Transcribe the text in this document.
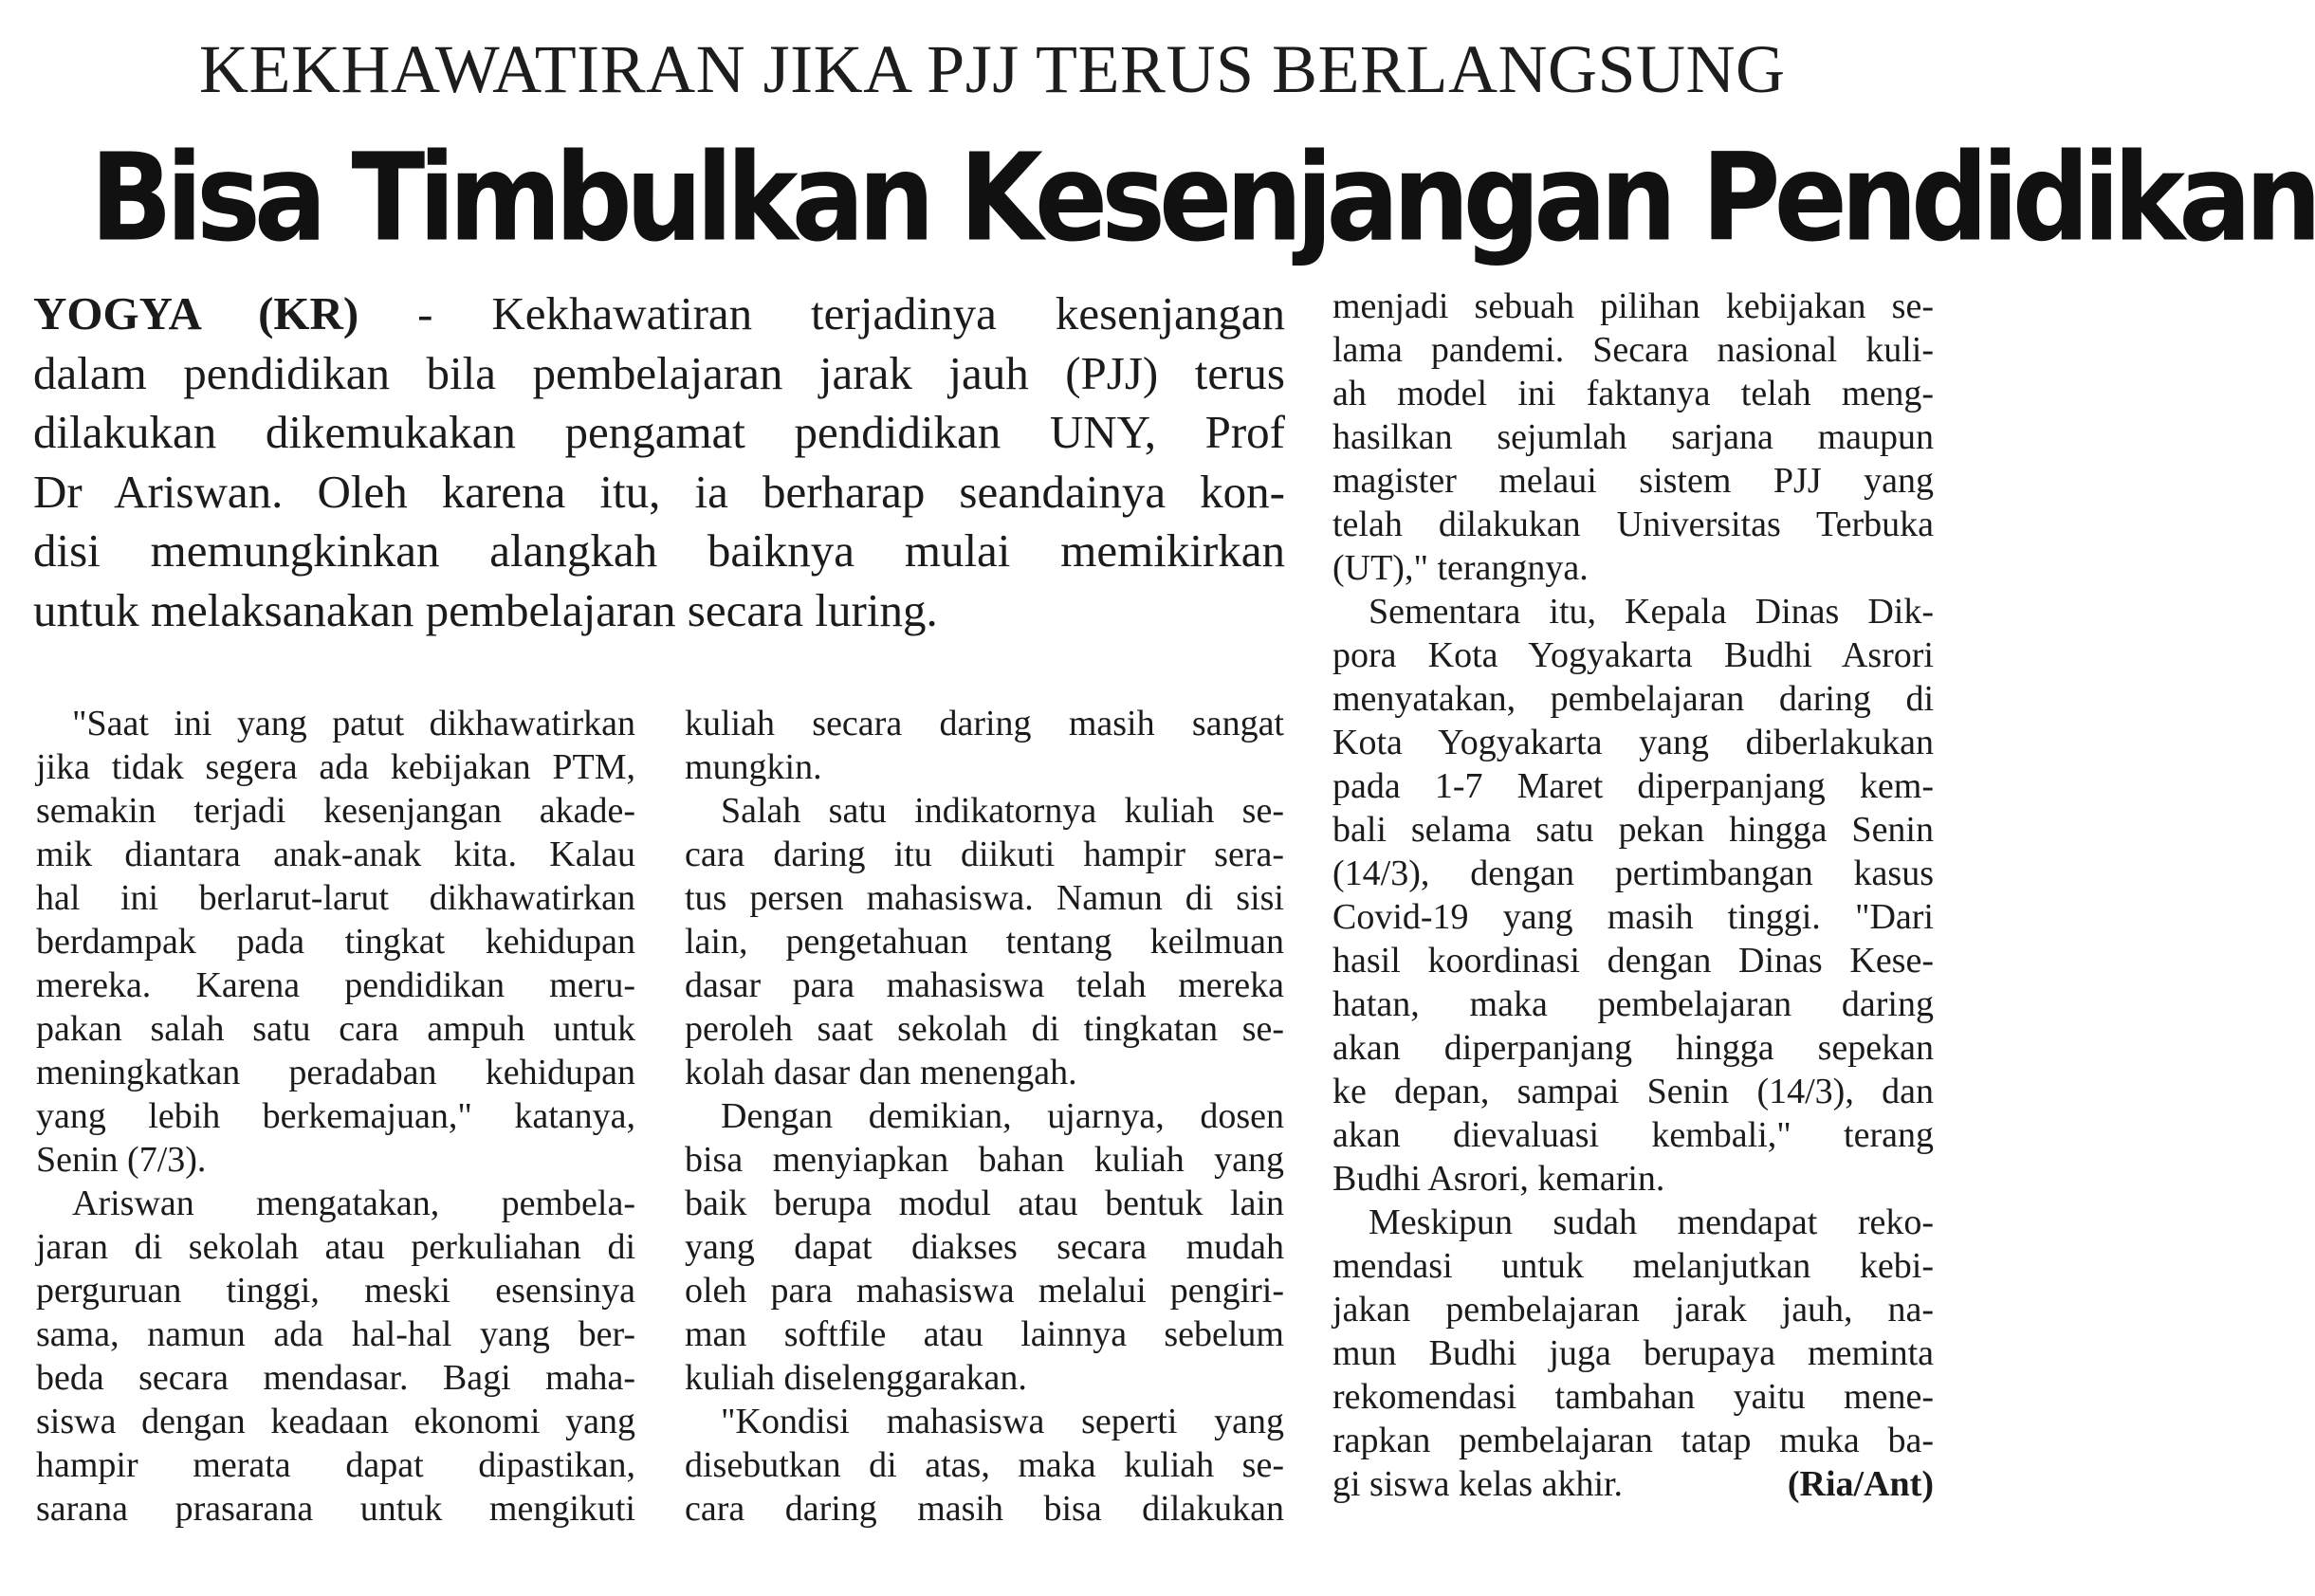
KEKHAWATIRAN JIKA PJJ TERUS BERLANGSUNG
Bisa Timbulkan Kesenjangan Pendidikan

YOGYA (KR) - Kekhawatiran terjadinya kesenjangan
dalam pendidikan bila pembelajaran jarak jauh (PJJ) terus
dilakukan dikemukakan pengamat pendidikan UNY, Prof
Dr Ariswan. Oleh karena itu, ia berharap seandainya kon-
disi memungkinkan alangkah baiknya mulai memikirkan
untuk melaksanakan pembelajaran secara luring.

"Saat ini yang patut dikhawatirkan
jika tidak segera ada kebijakan PTM,
semakin terjadi kesenjangan akade-
mik diantara anak-anak kita. Kalau
hal ini berlarut-larut dikhawatirkan
berdampak pada tingkat kehidupan
mereka. Karena pendidikan meru-
pakan salah satu cara ampuh untuk
meningkatkan peradaban kehidupan
yang lebih berkemajuan," katanya,
Senin (7/3).
Ariswan mengatakan, pembela-
jaran di sekolah atau perkuliahan di
perguruan tinggi, meski esensinya
sama, namun ada hal-hal yang ber-
beda secara mendasar. Bagi maha-
siswa dengan keadaan ekonomi yang
hampir merata dapat dipastikan,
sarana prasarana untuk mengikuti

kuliah secara daring masih sangat
mungkin.
Salah satu indikatornya kuliah se-
cara daring itu diikuti hampir sera-
tus persen mahasiswa. Namun di sisi
lain, pengetahuan tentang keilmuan
dasar para mahasiswa telah mereka
peroleh saat sekolah di tingkatan se-
kolah dasar dan menengah.
Dengan demikian, ujarnya, dosen
bisa menyiapkan bahan kuliah yang
baik berupa modul atau bentuk lain
yang dapat diakses secara mudah
oleh para mahasiswa melalui pengiri-
man softfile atau lainnya sebelum
kuliah diselenggarakan.
"Kondisi mahasiswa seperti yang
disebutkan di atas, maka kuliah se-
cara daring masih bisa dilakukan

menjadi sebuah pilihan kebijakan se-
lama pandemi. Secara nasional kuli-
ah model ini faktanya telah meng-
hasilkan sejumlah sarjana maupun
magister melaui sistem PJJ yang
telah dilakukan Universitas Terbuka
(UT)," terangnya.
Sementara itu, Kepala Dinas Dik-
pora Kota Yogyakarta Budhi Asrori
menyatakan, pembelajaran daring di
Kota Yogyakarta yang diberlakukan
pada 1-7 Maret diperpanjang kem-
bali selama satu pekan hingga Senin
(14/3), dengan pertimbangan kasus
Covid-19 yang masih tinggi. "Dari
hasil koordinasi dengan Dinas Kese-
hatan, maka pembelajaran daring
akan diperpanjang hingga sepekan
ke depan, sampai Senin (14/3), dan
akan dievaluasi kembali," terang
Budhi Asrori, kemarin.
Meskipun sudah mendapat reko-
mendasi untuk melanjutkan kebi-
jakan pembelajaran jarak jauh, na-
mun Budhi juga berupaya meminta
rekomendasi tambahan yaitu mene-
rapkan pembelajaran tatap muka ba-
gi siswa kelas akhir.	(Ria/Ant)
